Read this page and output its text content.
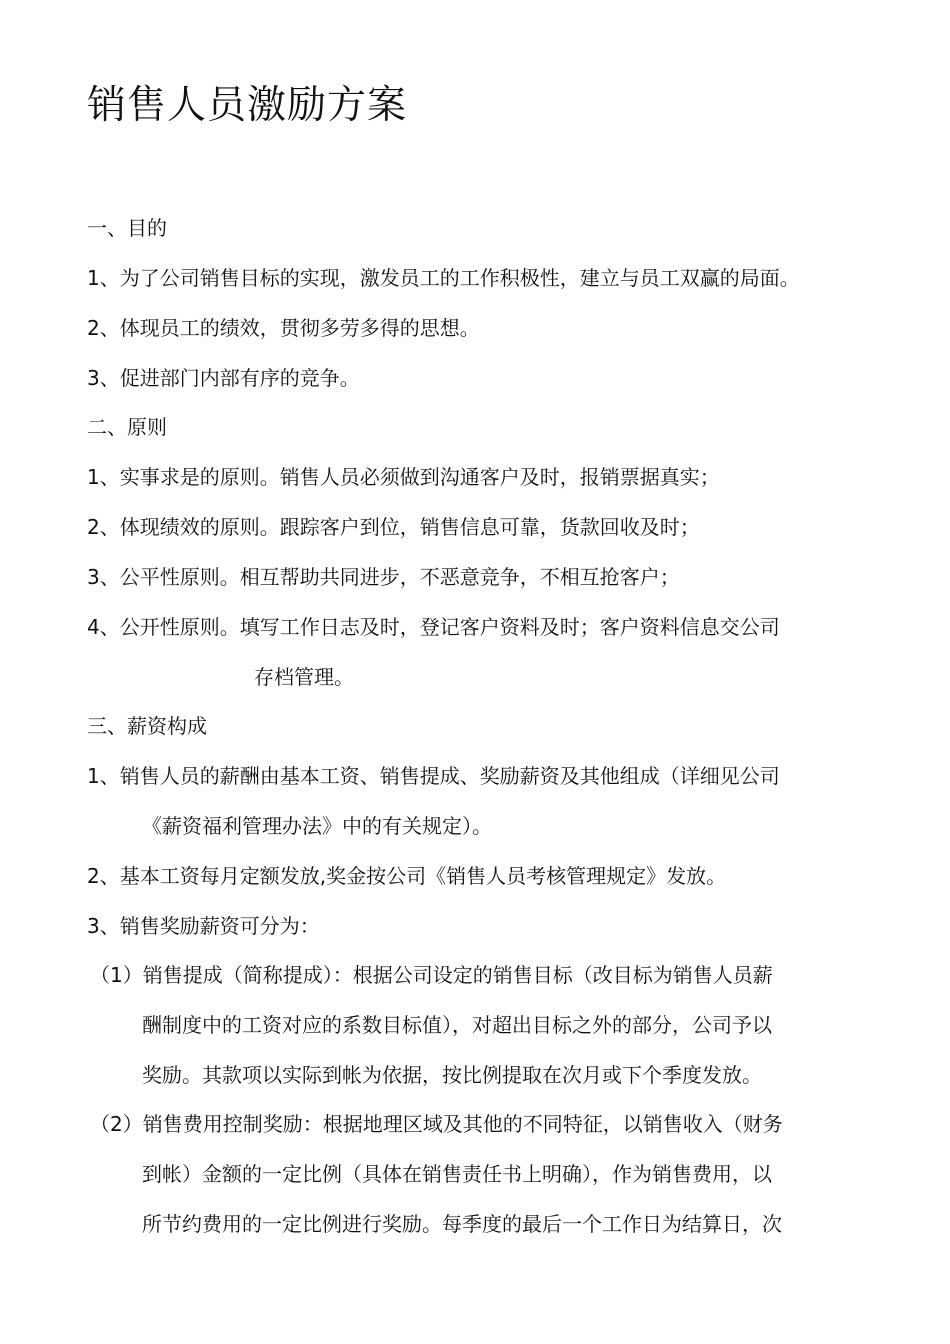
销售人员激励方案
一、目的
1、为了公司销售目标的实现，激发员工的工作积极性，建立与员工双赢的局面。
2、体现员工的绩效，贯彻多劳多得的思想。
3、促进部门内部有序的竞争。
二、原则
1、实事求是的原则。销售人员必须做到沟通客户及时，报销票据真实；
2、体现绩效的原则。跟踪客户到位，销售信息可靠，货款回收及时；
3、公平性原则。相互帮助共同进步，不恶意竞争，不相互抢客户；
4、公开性原则。填写工作日志及时，登记客户资料及时；客户资料信息交公司
存档管理。
三、薪资构成
1、销售人员的薪酬由基本工资、销售提成、奖励薪资及其他组成（详细见公司
《薪资福利管理办法》中的有关规定）。
2、基本工资每月定额发放,奖金按公司《销售人员考核管理规定》发放。
3、销售奖励薪资可分为：
（1）销售提成（简称提成）：根据公司设定的销售目标（改目标为销售人员薪
酬制度中的工资对应的系数目标值），对超出目标之外的部分，公司予以
奖励。其款项以实际到帐为依据，按比例提取在次月或下个季度发放。
（2）销售费用控制奖励：根据地理区域及其他的不同特征，以销售收入（财务
到帐）金额的一定比例（具体在销售责任书上明确），作为销售费用，以
所节约费用的一定比例进行奖励。每季度的最后一个工作日为结算日，次
